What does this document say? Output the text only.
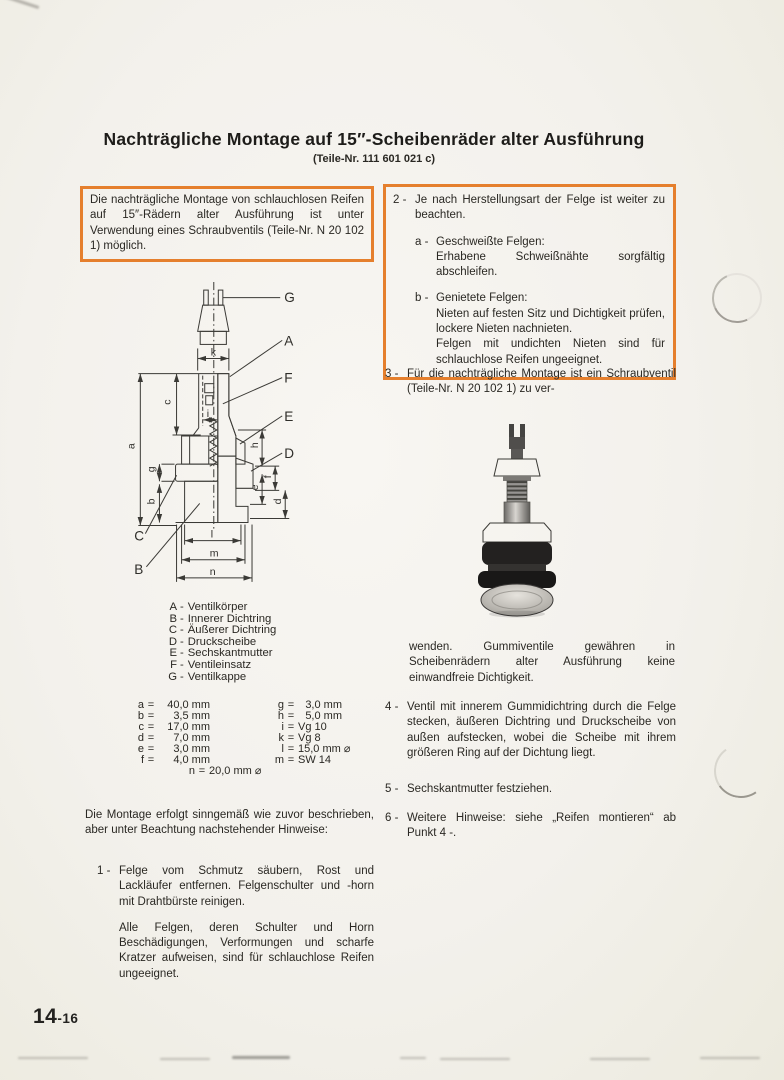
Nachträgliche Montage auf 15″-Scheibenräder alter Ausführung
(Teile-Nr. 111 601 021 c)
Die nachträgliche Montage von schlauchlosen Reifen auf 15″-Rädern alter Ausführung ist unter Verwendung eines Schraubventils (Teile-Nr. N 20 102 1) möglich.
2 - Je nach Herstellungsart der Felge ist weiter zu beachten.
a - Geschweißte Felgen:
Erhabene Schweißnähte sorgfältig abschleifen.
b - Genietete Felgen:
Nieten auf festen Sitz und Dichtigkeit prüfen, lockere Nieten nachnieten.
Felgen mit undichten Nieten sind für schlauchlose Reifen ungeeignet.
3 - Für die nachträgliche Montage ist ein Schraubventil (Teile-Nr. N 20 102 1) zu ver-
G
A
F
E
D
C
B
k
c
i
a
g
b
h
f
e
d
l
m
n
A - Ventilkörper
B - Innerer Dichtring
C - Äußerer Dichtring
D - Druckscheibe
E - Sechskantmutter
F - Ventileinsatz
G - Ventilkappe
a =	40,0 mm
b =	3,5 mm
c =	17,0 mm
d =	7,0 mm
e =	3,0 mm
f =	4,0 mm
g =	3,0 mm
h =	5,0 mm
i = Vg 10
k = Vg 8
l = 15,0 mm ⌀
m = SW 14
n = 20,0 mm ⌀
wenden. Gummiventile gewähren in Scheibenrädern alter Ausführung keine einwandfreie Dichtigkeit.
4 - Ventil mit innerem Gummidichtring durch die Felge stecken, äußeren Dichtring und Druckscheibe von außen aufstecken, wobei die Scheibe mit ihrem größeren Ring auf der Dichtung liegt.
5 - Sechskantmutter festziehen.
6 - Weitere Hinweise: siehe „Reifen montieren“ ab Punkt 4 -.
Die Montage erfolgt sinngemäß wie zuvor beschrieben, aber unter Beachtung nachstehender Hinweise:
1 - Felge vom Schmutz säubern, Rost und Lackläufer entfernen. Felgenschulter und -horn mit Drahtbürste reinigen.
Alle Felgen, deren Schulter und Horn Beschädigungen, Verformungen und scharfe Kratzer aufweisen, sind für schlauchlose Reifen ungeeignet.
14-16
